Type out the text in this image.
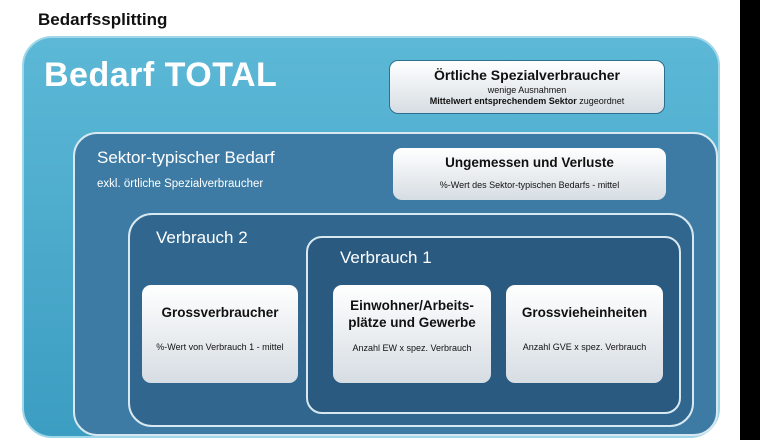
Bedarfssplitting
Bedarf TOTAL	Örtliche Spezialverbraucher
wenige Ausnahmen
Mittelwert entsprechendem Sektor zugeordnet
Sektor-typischer Bedarf
exkl. örtliche Spezialverbraucher
Ungemessen und Verluste
%-Wert des Sektor-typischen Bedarfs - mittel
Verbrauch 2
Verbrauch 1
Grossverbraucher
%-Wert von Verbrauch 1 - mittel
Einwohner/Arbeits-
plätze und Gewerbe
Anzahl EW x spez. Verbrauch
Grossvieheinheiten
Anzahl GVE x spez. Verbrauch
